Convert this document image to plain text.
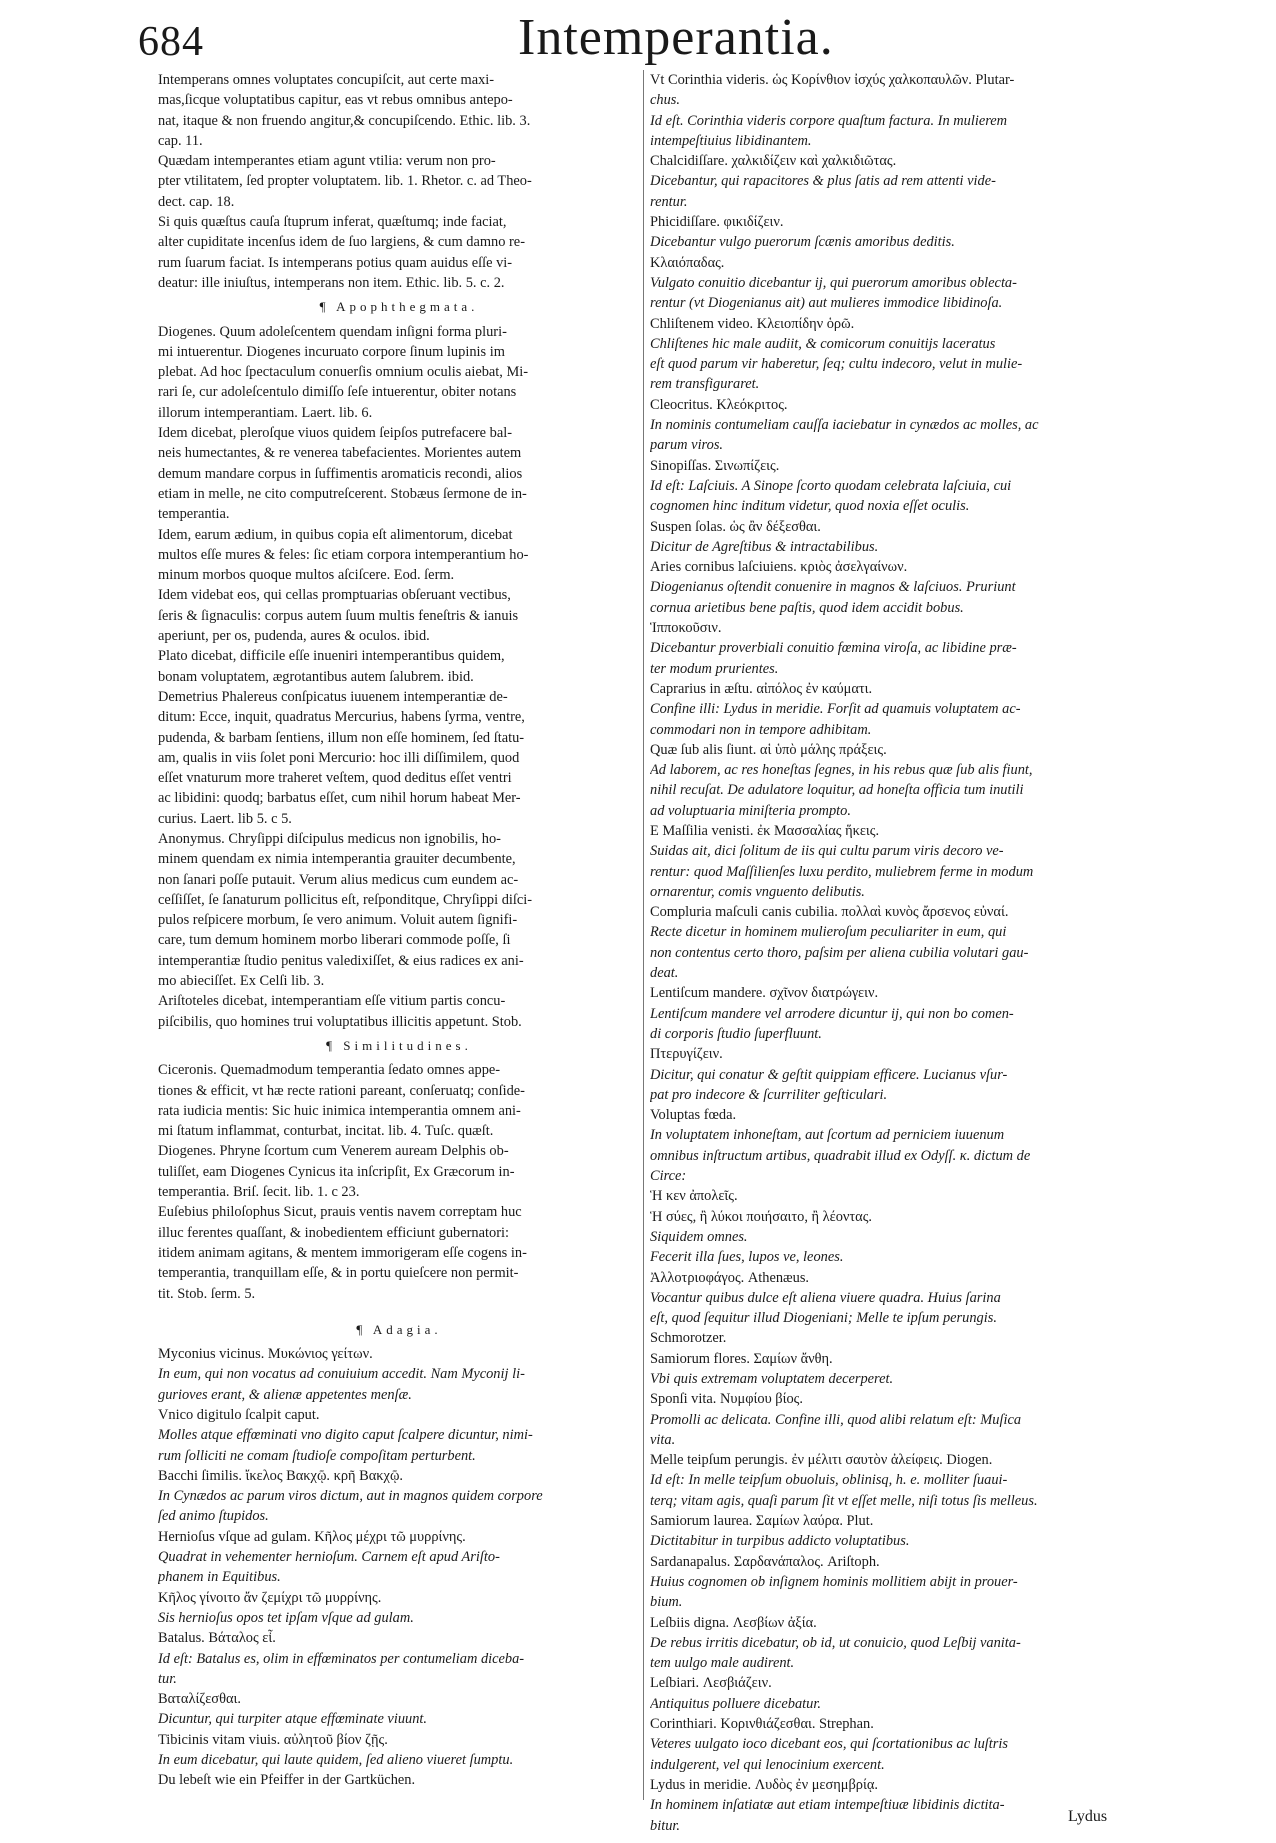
684	Intemperantia.
Intemperans omnes voluptates concupiſcit, aut certe maxi-
mas,ſicque voluptatibus capitur, eas vt rebus omnibus antepo-
nat, itaque & non fruendo angitur,& concupiſcendo. Ethic. lib. 3.
cap. 11.
Quædam intemperantes etiam agunt vtilia: verum non pro-
pter vtilitatem, ſed propter voluptatem. lib. 1. Rhetor. c. ad Theo-
dect. cap. 18.
Si quis quæſtus cauſa ſtuprum inferat, quæſtumq; inde faciat,
alter cupiditate incenſus idem de ſuo largiens, & cum damno re-
rum ſuarum faciat. Is intemperans potius quam auidus eſſe vi-
deatur: ille iniuſtus, intemperans non item. Ethic. lib. 5. c. 2.
¶ Apophthegmata.
Diogenes. Quum adoleſcentem quendam inſigni forma pluri-
mi intuerentur. Diogenes incuruato corpore ſinum lupinis im
plebat. Ad hoc ſpectaculum conuerſis omnium oculis aiebat, Mi-
rari ſe, cur adoleſcentulo dimiſſo ſeſe intuerentur, obiter notans
illorum intemperantiam. Laert. lib. 6.
Idem dicebat, pleroſque viuos quidem ſeipſos putrefacere bal-
neis humectantes, & re venerea tabefacientes. Morientes autem
demum mandare corpus in ſuffimentis aromaticis recondi, alios
etiam in melle, ne cito computreſcerent. Stobæus ſermone de in-
temperantia.
Idem, earum ædium, in quibus copia eſt alimentorum, dicebat
multos eſſe mures & feles: ſic etiam corpora intemperantium ho-
minum morbos quoque multos aſciſcere. Eod. ſerm.
Idem videbat eos, qui cellas promptuarias obſeruant vectibus,
ſeris & ſignaculis: corpus autem ſuum multis feneſtris & ianuis
aperiunt, per os, pudenda, aures & oculos. ibid.
Plato dicebat, difficile eſſe inueniri intemperantibus quidem,
bonam voluptatem, ægrotantibus autem ſalubrem. ibid.
Demetrius Phalereus conſpicatus iuuenem intemperantiæ de-
ditum: Ecce, inquit, quadratus Mercurius, habens ſyrma, ventre,
pudenda, & barbam ſentiens, illum non eſſe hominem, ſed ſtatu-
am, qualis in viis ſolet poni Mercurio: hoc illi diſſimilem, quod
eſſet vnaturum more traheret veſtem, quod deditus eſſet ventri
ac libidini: quodq; barbatus eſſet, cum nihil horum habeat Mer-
curius. Laert. lib 5. c 5.
Anonymus. Chryſippi diſcipulus medicus non ignobilis, ho-
minem quendam ex nimia intemperantia grauiter decumbente,
non ſanari poſſe putauit. Verum alius medicus cum eundem ac-
ceſſiſſet, ſe ſanaturum pollicitus eſt, reſponditque, Chryſippi diſci-
pulos reſpicere morbum, ſe vero animum. Voluit autem ſignifi-
care, tum demum hominem morbo liberari commode poſſe, ſi
intemperantiæ ſtudio penitus valedixiſſet, & eius radices ex ani-
mo abieciſſet. Ex Celſi lib. 3.
Ariſtoteles dicebat, intemperantiam eſſe vitium partis concu-
piſcibilis, quo homines trui voluptatibus illicitis appetunt. Stob.
¶ Similitudines.
Ciceronis. Quemadmodum temperantia ſedato omnes appe-
tiones & efficit, vt hæ recte rationi pareant, conſeruatq; conſide-
rata iudicia mentis: Sic huic inimica intemperantia omnem ani-
mi ſtatum inflammat, conturbat, incitat. lib. 4. Tuſc. quæſt.
Diogenes. Phryne ſcortum cum Venerem auream Delphis ob-
tuliſſet, eam Diogenes Cynicus ita inſcripſit, Ex Græcorum in-
temperantia. Briſ. ſecit. lib. 1. c 23.
Euſebius philoſophus Sicut, prauis ventis navem correptam huc
illuc ferentes quaſſant, & inobedientem efficiunt gubernatori:
itidem animam agitans, & mentem immorigeram eſſe cogens in-
temperantia, tranquillam eſſe, & in portu quieſcere non permit-
tit. Stob. ſerm. 5.
¶ Adagia.
Myconius vicinus. Μυκώνιος γείτων.
In eum, qui non vocatus ad conuiuium accedit. Nam Myconij li-
gurioves erant, & alienæ appetentes menſæ.
Vnico digitulo ſcalpit caput.
Molles atque effœminati vno digito caput ſcalpere dicuntur, nimi-
rum ſolliciti ne comam ſtudioſe compoſitam perturbent.
Bacchi ſimilis. ἴκελος Βακχῷ. κρῆ Βακχῷ.
In Cynædos ac parum viros dictum, aut in magnos quidem corpore
ſed animo ſtupidos.
Hernioſus vſque ad gulam. Κῆλος μέχρι τῶ μυρρίνης.
Quadrat in vehementer hernioſum. Carnem eſt apud Ariſto-
phanem in Equitibus.
Κῆλος γίνοιτο ἄν ζεμίχρι τῶ μυρρίνης.
Sis hernioſus opos tet ipſam vſque ad gulam.
Batalus. Βάταλος εἶ.
Id eſt: Batalus es, olim in effœminatos per contumeliam diceba-
tur.
Βαταλίζεσθαι.
Dicuntur, qui turpiter atque effœminate viuunt.
Tibicinis vitam viuis. αὐλητοῦ βίον ζῇς.
In eum dicebatur, qui laute quidem, ſed alieno viueret ſumptu.
Du lebeſt wie ein Pfeiffer in der Gartküchen.
Vt Corinthia videris. ὡς Κορίνθιον ἰσχύς χαλκοπαυλῶν. Plutar-
chus.
Id eſt. Corinthia videris corpore quaſtum factura. In mulierem
intempeſtiuius libidinantem.
Chalcidiſſare. χαλκιδίζειν καὶ χαλκιδιῶτας.
Dicebantur, qui rapacitores & plus ſatis ad rem attenti vide-
rentur.
Phicidiſſare. φικιδίζειν.
Dicebantur vulgo puerorum ſcænis amoribus deditis.
Κλαιόπαδας.
Vulgato conuitio dicebantur ij, qui puerorum amoribus oblecta-
rentur (vt Diogenianus ait) aut mulieres immodice libidinoſa.
Chliſtenem video. Κλειοπίδην ὁρῶ.
Chliſtenes hic male audiit, & comicorum conuitijs laceratus
eſt quod parum vir haberetur, ſeq; cultu indecoro, velut in mulie-
rem transfiguraret.
Cleocritus. Κλεόκριτος.
In nominis contumeliam cauſſa iaciebatur in cynædos ac molles, ac
parum viros.
Sinopiſſas. Σινωπίζεις.
Id eſt: Laſciuis. A Sinope ſcorto quodam celebrata laſciuia, cui
cognomen hinc inditum videtur, quod noxia eſſet oculis.
Suspen ſolas. ὡς ἂν δέξεσθαι.
Dicitur de Agreſtibus & intractabilibus.
Aries cornibus laſciuiens. κριὸς ἀσελγαίνων.
Diogenianus oſtendit conuenire in magnos & laſciuos. Pruriunt
cornua arietibus bene paſtis, quod idem accidit bobus.
Ἱπποκοῦσιν.
Dicebantur proverbiali conuitio fœmina viroſa, ac libidine præ-
ter modum prurientes.
Caprarius in æſtu. αἰπόλος ἐν καύματι.
Confine illi: Lydus in meridie. Forſit ad quamuis voluptatem ac-
commodari non in tempore adhibitam.
Quæ ſub alis ſiunt. αἱ ὑπὸ μάλης πράξεις.
Ad laborem, ac res honeſtas ſegnes, in his rebus quæ ſub alis fiunt,
nihil recuſat. De adulatore loquitur, ad honeſta officia tum inutili
ad voluptuaria miniſteria prompto.
E Maſſilia venisti. ἐκ Μασσαλίας ἥκεις.
Suidas ait, dici ſolitum de iis qui cultu parum viris decoro ve-
rentur: quod Maſſilienſes luxu perdito, muliebrem ferme in modum
ornarentur, comis vnguento delibutis.
Compluria maſculi canis cubilia. πολλαὶ κυνὸς ἄρσενος εὐναί.
Recte dicetur in hominem mulieroſum peculiariter in eum, qui
non contentus certo thoro, paſsim per aliena cubilia volutari gau-
deat.
Lentiſcum mandere. σχῖνον διατρώγειν.
Lentiſcum mandere vel arrodere dicuntur ij, qui non bo comen-
di corporis ſtudio ſuperfluunt.
Πτερυγίζειν.
Dicitur, qui conatur & geſtit quippiam efficere. Lucianus vſur-
pat pro indecore & ſcurriliter geſticulari.
Voluptas fœda.
In voluptatem inhoneſtam, aut ſcortum ad perniciem iuuenum
omnibus inſtructum artibus, quadrabit illud ex Odyſſ. κ. dictum de
Circe:
Ἡ κεν ἀπολεῖς.
Ἡ σύες, ἢ λύκοι ποιήσαιτο, ἢ λέοντας.
Siquidem omnes.
Fecerit illa ſues, lupos ve, leones.
Ἀλλοτριοφάγος. Athenæus.
Vocantur quibus dulce eſt aliena viuere quadra. Huius ſarina
eſt, quod ſequitur illud Diogeniani; Melle te ipſum perungis.
Schmorotzer.
Samiorum flores. Σαμίων ἄνθη.
Vbi quis extremam voluptatem decerperet.
Sponſi vita. Νυμφίου βίος.
Promolli ac delicata. Confine illi, quod alibi relatum eſt: Muſica
vita.
Melle teipſum perungis. ἐν μέλιτι σαυτὸν ἀλείφεις. Diogen.
Id eſt: In melle teipſum obuoluis, oblinisq, h. e. molliter ſuaui-
terq; vitam agis, quaſi parum ſit vt eſſet melle, niſi totus ſis melleus.
Samiorum laurea. Σαμίων λαύρα. Plut.
Dictitabitur in turpibus addicto voluptatibus.
Sardanapalus. Σαρδανάπαλος. Ariſtoph.
Huius cognomen ob inſignem hominis mollitiem abijt in prouer-
bium.
Leſbiis digna. Λεσβίων ἀξία.
De rebus irritis dicebatur, ob id, ut conuicio, quod Leſbij vanita-
tem uulgo male audirent.
Leſbiari. Λεσβιάζειν.
Antiquitus polluere dicebatur.
Corinthiari. Κορινθιάζεσθαι. Strephan.
Veteres uulgato ioco dicebant eos, qui ſcortationibus ac luſtris
indulgerent, vel qui lenocinium exercent.
Lydus in meridie. Λυδὸς ἐν μεσημβρίᾳ.
In hominem inſatiatæ aut etiam intempeſtiuæ libidinis dictita-
bitur.
Lydus
